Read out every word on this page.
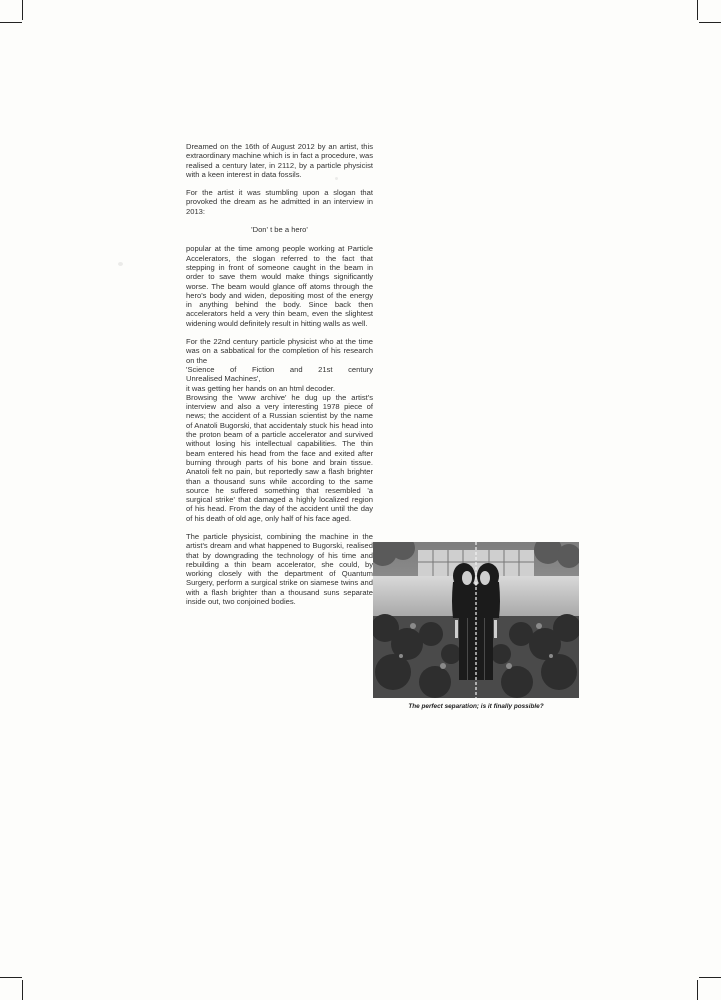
Dreamed on the 16th of August 2012 by an artist, this extraordinary machine which is in fact a procedure, was realised a century later, in 2112, by a particle physicist with a keen interest in data fossils.

For the artist it was stumbling upon a slogan that provoked the dream as he admitted in an interview in 2013:

'Don' t be a hero'

popular at the time among people working at Particle Accelerators, the slogan referred to the fact that stepping in front of someone caught in the beam in order to save them would make things significantly worse. The beam would glance off atoms through the hero's body and widen, depositing most of the energy in anything behind the body. Since back then accelerators held a very thin beam, even the slightest widening would definitely result in hitting walls as well.

For the 22nd century particle physicist who at the time was on a sabbatical for the completion of his research on the
'Science of Fiction and 21st century
Unrealised Machines',
it was getting her hands on an html decoder.

Browsing the 'www archive' he dug up the artist's interview and also a very interesting 1978 piece of news; the accident of a Russian scientist by the name of Anatoli Bugorski, that accidentaly stuck his head into the proton beam of a particle accelerator and survived without losing his intellectual capabilities. The thin beam entered his head from the face and exited after burning through parts of his bone and brain tissue. Anatoli felt no pain, but reportedly saw a flash brighter than a thousand suns while according to the same source he suffered something that resembled 'a surgical strike' that damaged a highly localized region of his head. From the day of the accident until the day of his death of old age, only half of his face aged.

The particle physicist, combining the machine in the artist's dream and what happened to Bugorski, realised that by downgrading the technology of his time and rebuilding a thin beam accelerator, she could, by working closely with the department of Quantum Surgery, perform a surgical strike on siamese twins and with a flash brighter than a thousand suns separate inside out, two conjoined bodies.

The perfect separation; is it finally possible?
